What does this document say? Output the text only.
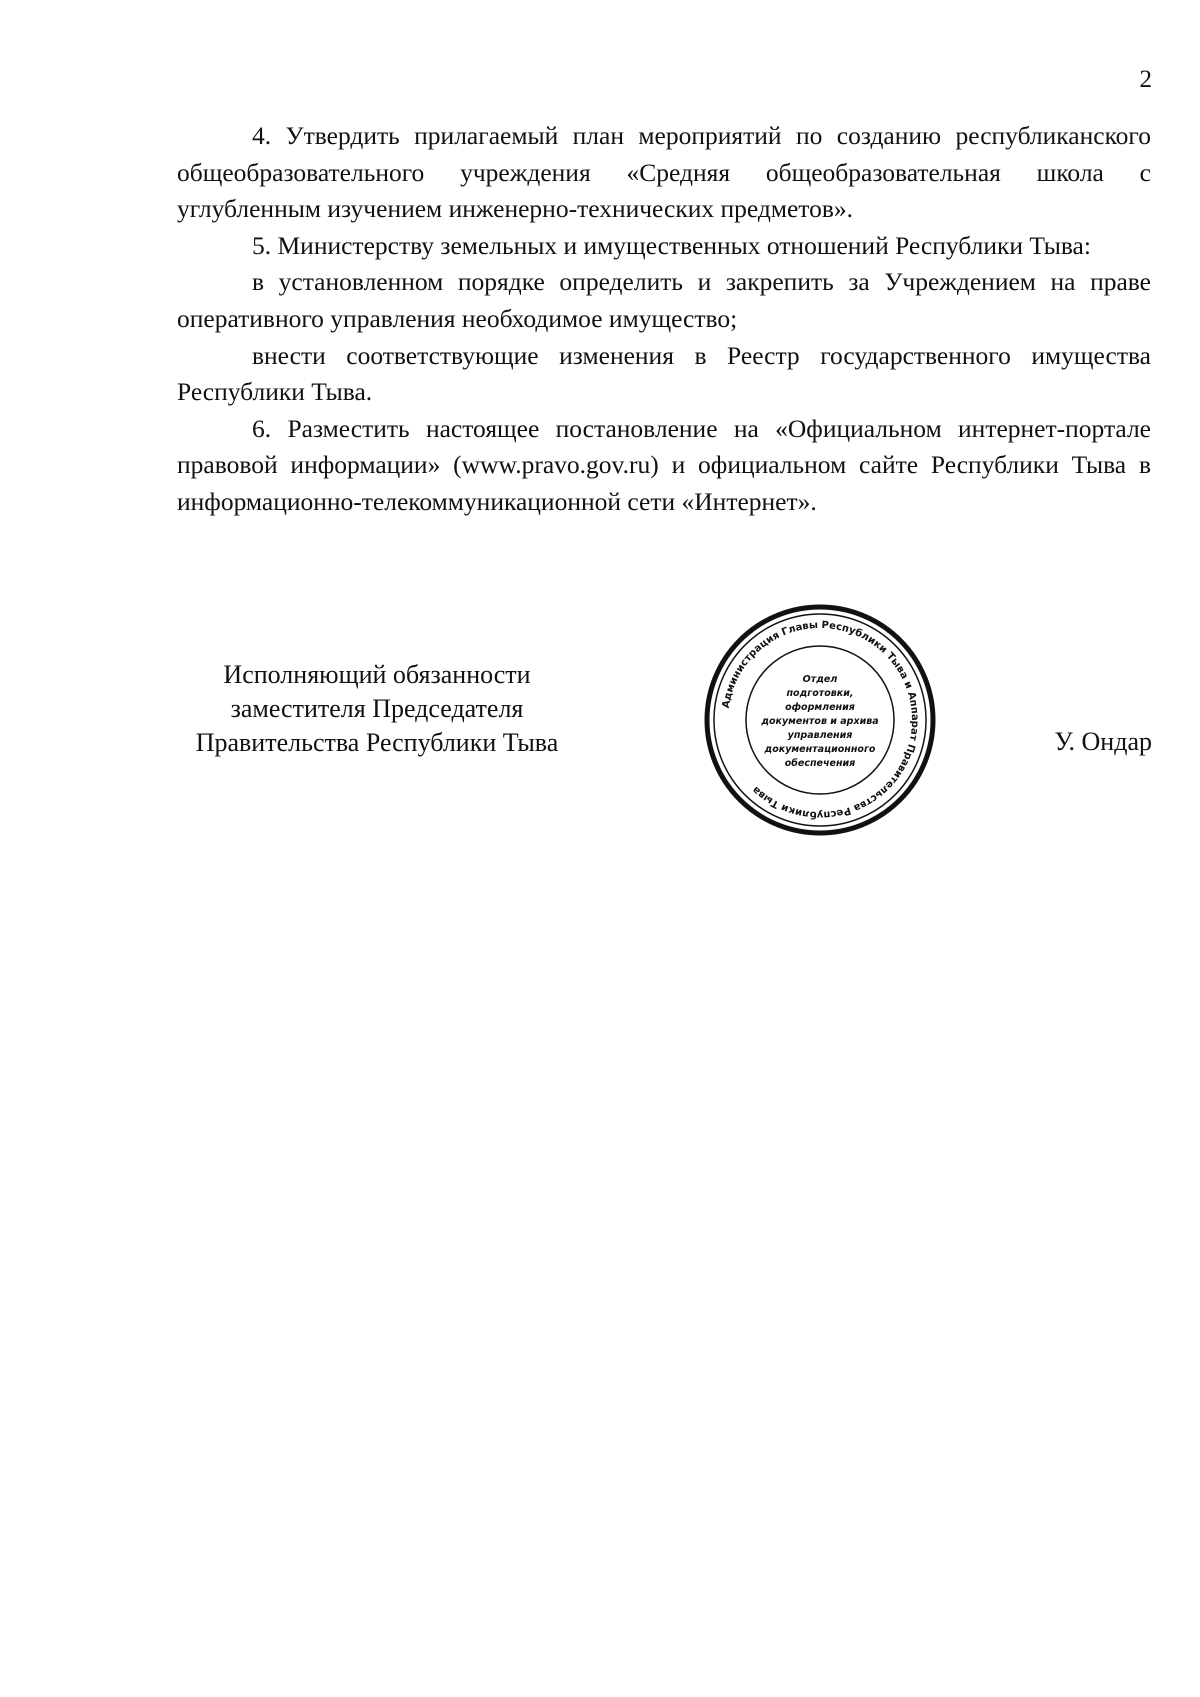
2

4. Утвердить прилагаемый план мероприятий по созданию республиканского общеобразовательного учреждения «Средняя общеобразовательная школа с углубленным изучением инженерно-технических предметов».

5. Министерству земельных и имущественных отношений Республики Тыва:

в установленном порядке определить и закрепить за Учреждением на праве оперативного управления необходимое имущество;

внести соответствующие изменения в Реестр государственного имущества Республики Тыва.

6. Разместить настоящее постановление на «Официальном интернет-портале правовой информации» (www.pravo.gov.ru) и официальном сайте Республики Тыва в информационно-телекоммуникационной сети «Интернет».

Исполняющий обязанности
заместителя Председателя
Правительства Республики Тыва
Администрация Главы Республики Тыва и Аппарат Правительства Республики Тыва
Отдел
подготовки,
оформления
документов и архива
управления
документационного
обеспечения
У. Ондар
